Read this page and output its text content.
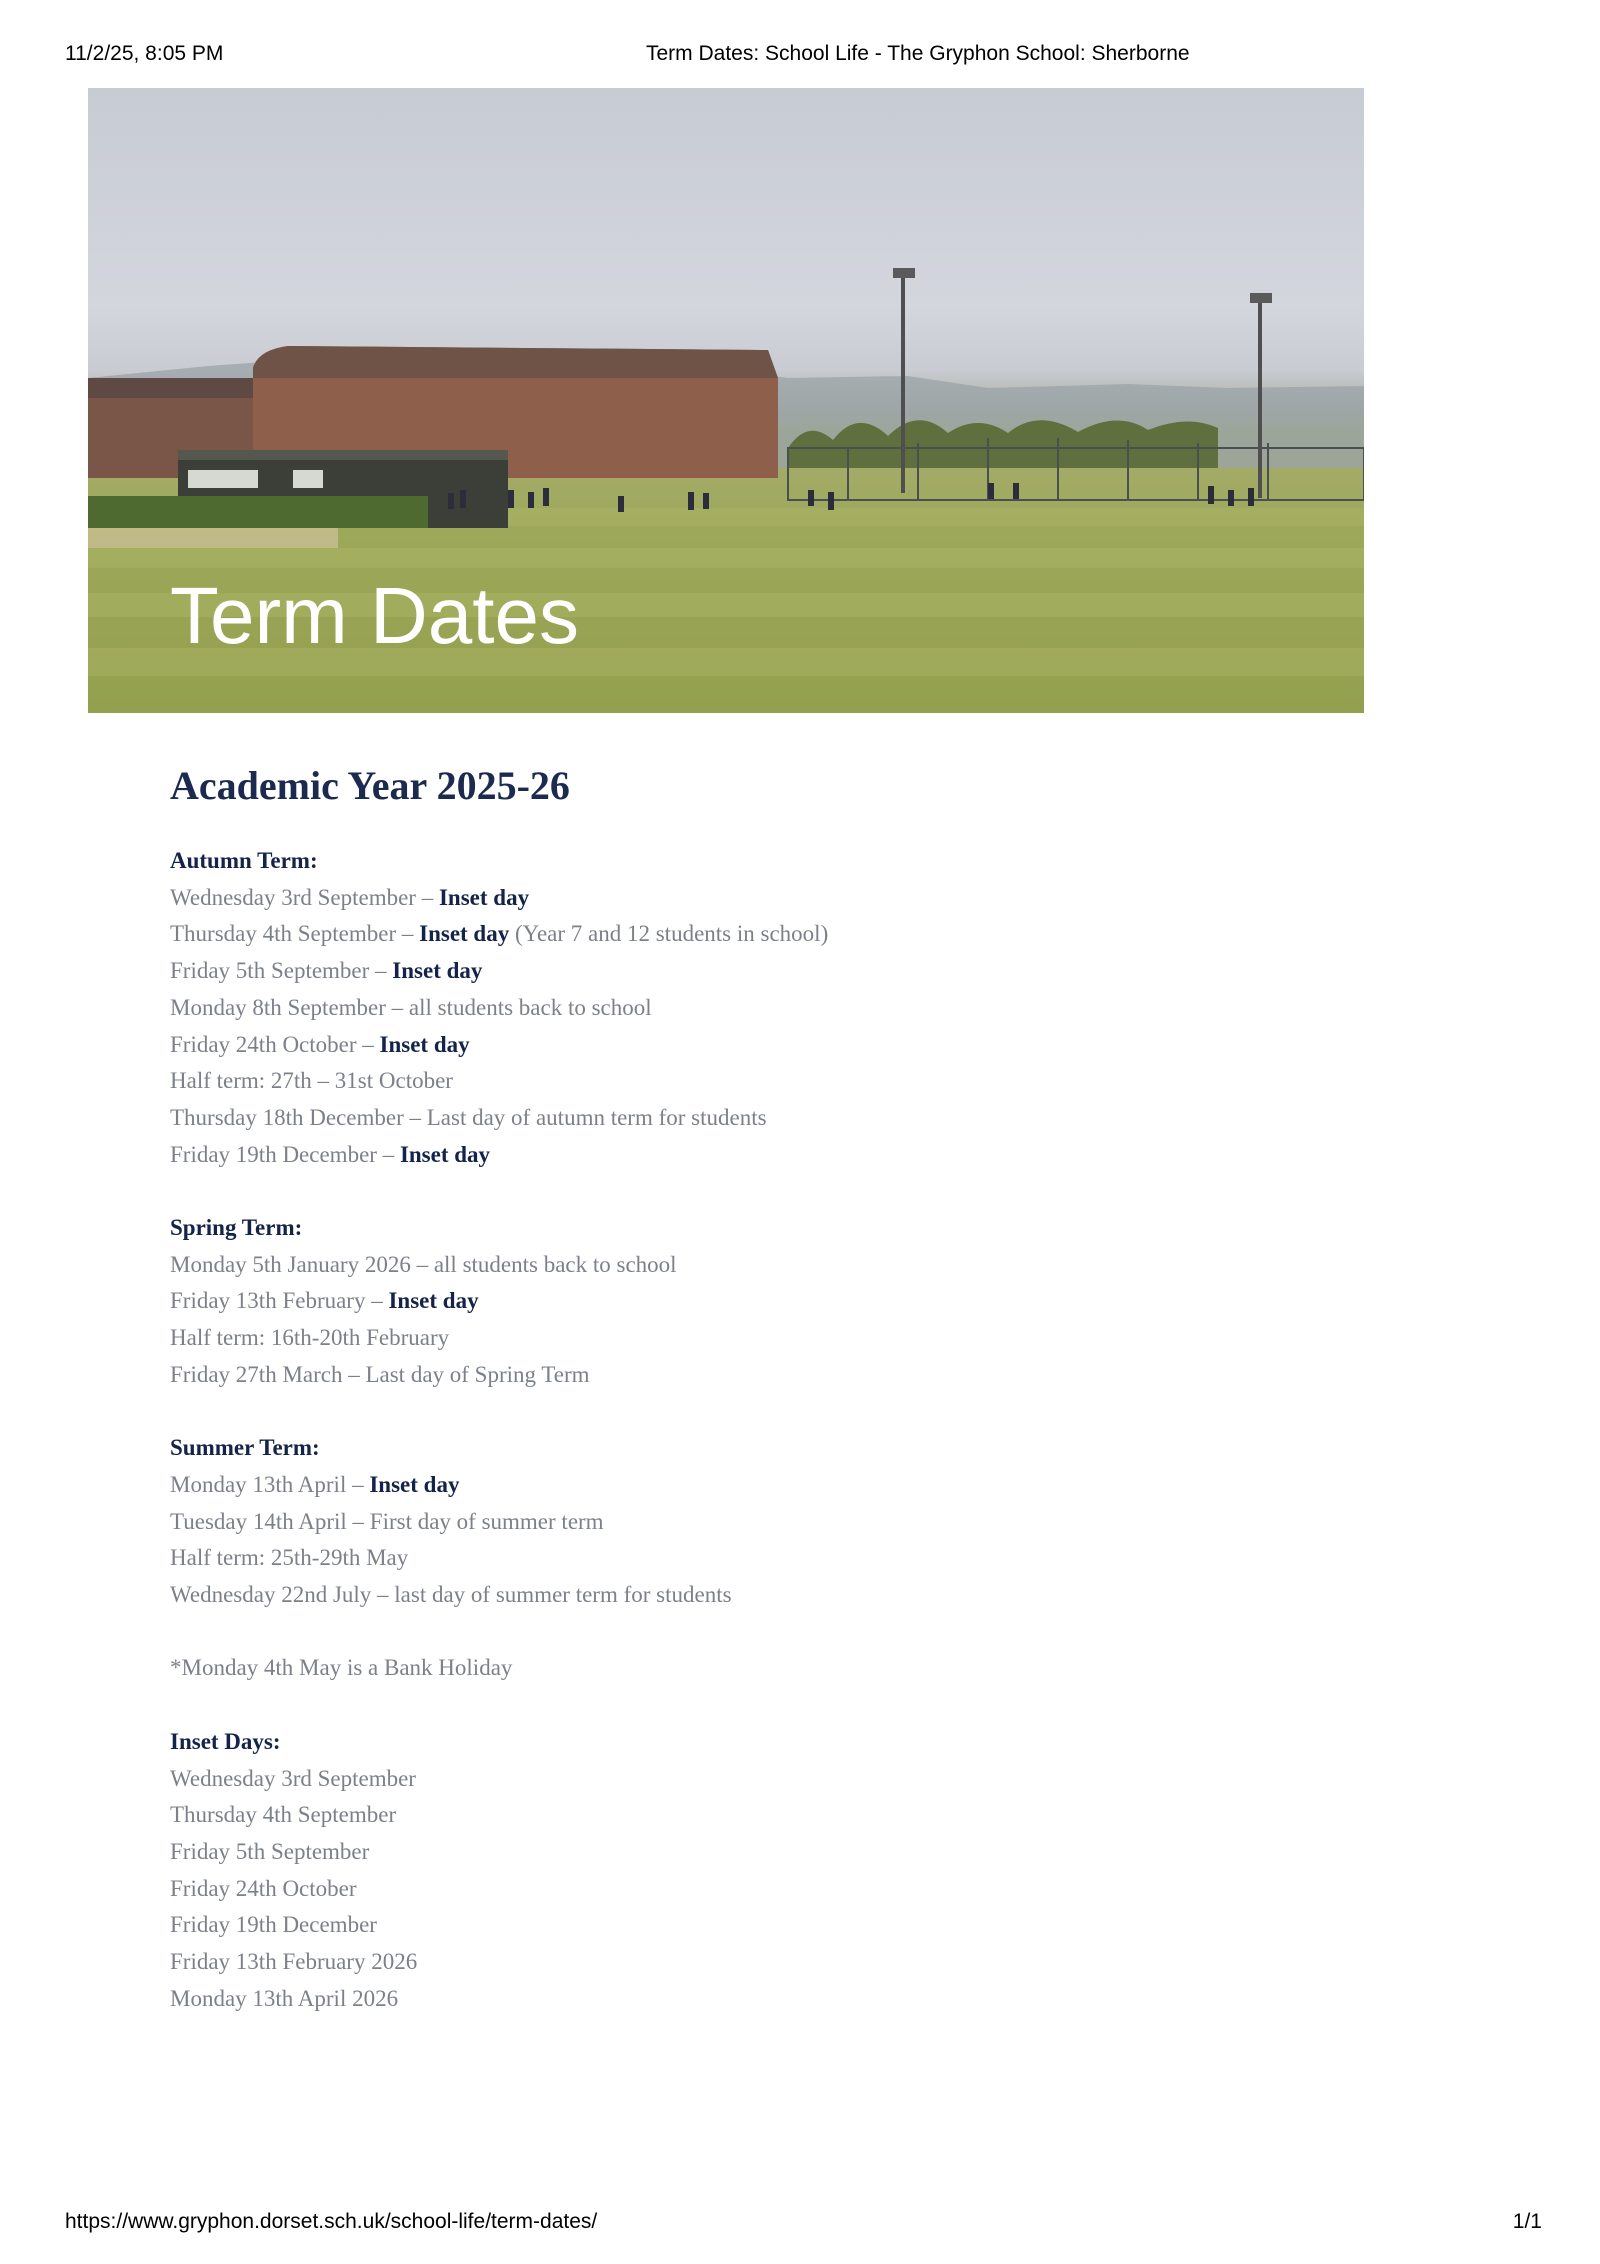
11/2/25, 8:05 PM	Term Dates: School Life - The Gryphon School: Sherborne
Term Dates
Academic Year 2025-26
Autumn Term:
Wednesday 3rd September – Inset day
Thursday 4th September – Inset day (Year 7 and 12 students in school)
Friday 5th September – Inset day
Monday 8th September – all students back to school
Friday 24th October – Inset day
Half term: 27th – 31st October
Thursday 18th December – Last day of autumn term for students
Friday 19th December – Inset day
Spring Term:
Monday 5th January 2026 – all students back to school
Friday 13th February – Inset day
Half term: 16th-20th February
Friday 27th March – Last day of Spring Term
Summer Term:
Monday 13th April – Inset day
Tuesday 14th April – First day of summer term
Half term: 25th-29th May
Wednesday 22nd July – last day of summer term for students
*Monday 4th May is a Bank Holiday
Inset Days:
Wednesday 3rd September
Thursday 4th September
Friday 5th September
Friday 24th October
Friday 19th December
Friday 13th February 2026
Monday 13th April 2026
https://www.gryphon.dorset.sch.uk/school-life/term-dates/	1/1
